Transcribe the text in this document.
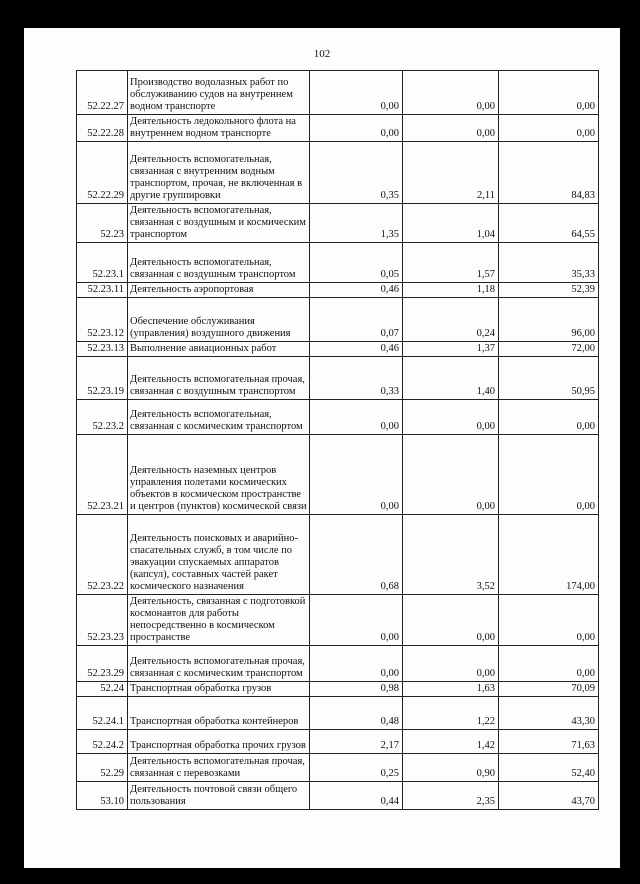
102
52.22.27	Производство водолазных работ по обслуживанию судов на внутреннем водном транспорте	0,00	0,00	0,00
52.22.28	Деятельность ледокольного флота на внутреннем водном транспорте	0,00	0,00	0,00
52.22.29	Деятельность вспомогательная, связанная с внутренним водным транспортом, прочая, не включенная в другие группировки	0,35	2,11	84,83
52.23	Деятельность вспомогательная, связанная с воздушным и космическим транспортом	1,35	1,04	64,55
52.23.1	Деятельность вспомогательная, связанная с воздушным транспортом	0,05	1,57	35,33
52.23.11	Деятельность аэропортовая	0,46	1,18	52,39
52.23.12	Обеспечение обслуживания (управления) воздушного движения	0,07	0,24	96,00
52.23.13	Выполнение авиационных работ	0,46	1,37	72,00
52.23.19	Деятельность вспомогательная прочая, связанная с воздушным транспортом	0,33	1,40	50,95
52.23.2	Деятельность вспомогательная, связанная с космическим транспортом	0,00	0,00	0,00
52.23.21	Деятельность наземных центров управления полетами космических объектов в космическом пространстве и центров (пунктов) космической связи	0,00	0,00	0,00
52.23.22	Деятельность поисковых и аварийно-спасательных служб, в том числе по эвакуации спускаемых аппаратов (капсул), составных частей ракет космического назначения	0,68	3,52	174,00
52.23.23	Деятельность, связанная с подготовкой космонавтов для работы непосредственно в космическом пространстве	0,00	0,00	0,00
52.23.29	Деятельность вспомогательная прочая, связанная с космическим транспортом	0,00	0,00	0,00
52.24	Транспортная обработка грузов	0,98	1,63	70,09
52.24.1	Транспортная обработка контейнеров	0,48	1,22	43,30
52.24.2	Транспортная обработка прочих грузов	2,17	1,42	71,63
52.29	Деятельность вспомогательная прочая, связанная с перевозками	0,25	0,90	52,40
53.10	Деятельность почтовой связи общего пользования	0,44	2,35	43,70
